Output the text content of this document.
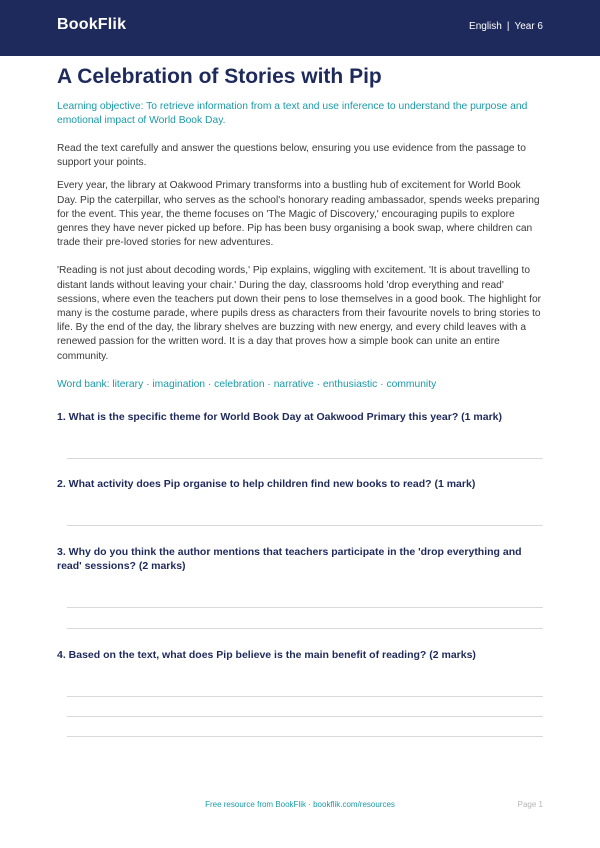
BookFlik	English | Year 6
A Celebration of Stories with Pip

Learning objective: To retrieve information from a text and use inference to understand the purpose and emotional impact of World Book Day.

Read the text carefully and answer the questions below, ensuring you use evidence from the passage to support your points.

Every year, the library at Oakwood Primary transforms into a bustling hub of excitement for World Book Day. Pip the caterpillar, who serves as the school's honorary reading ambassador, spends weeks preparing for the event. This year, the theme focuses on 'The Magic of Discovery,' encouraging pupils to explore genres they have never picked up before. Pip has been busy organising a book swap, where children can trade their pre-loved stories for new adventures.

'Reading is not just about decoding words,' Pip explains, wiggling with excitement. 'It is about travelling to distant lands without leaving your chair.' During the day, classrooms hold 'drop everything and read' sessions, where even the teachers put down their pens to lose themselves in a good book. The highlight for many is the costume parade, where pupils dress as characters from their favourite novels to bring stories to life. By the end of the day, the library shelves are buzzing with new energy, and every child leaves with a renewed passion for the written word. It is a day that proves how a simple book can unite an entire community.

Word bank: literary · imagination · celebration · narrative · enthusiastic · community

1. What is the specific theme for World Book Day at Oakwood Primary this year? (1 mark)

2. What activity does Pip organise to help children find new books to read? (1 mark)

3. Why do you think the author mentions that teachers participate in the 'drop everything and read' sessions? (2 marks)

4. Based on the text, what does Pip believe is the main benefit of reading? (2 marks)

Free resource from BookFlik · bookflik.com/resources	Page 1
